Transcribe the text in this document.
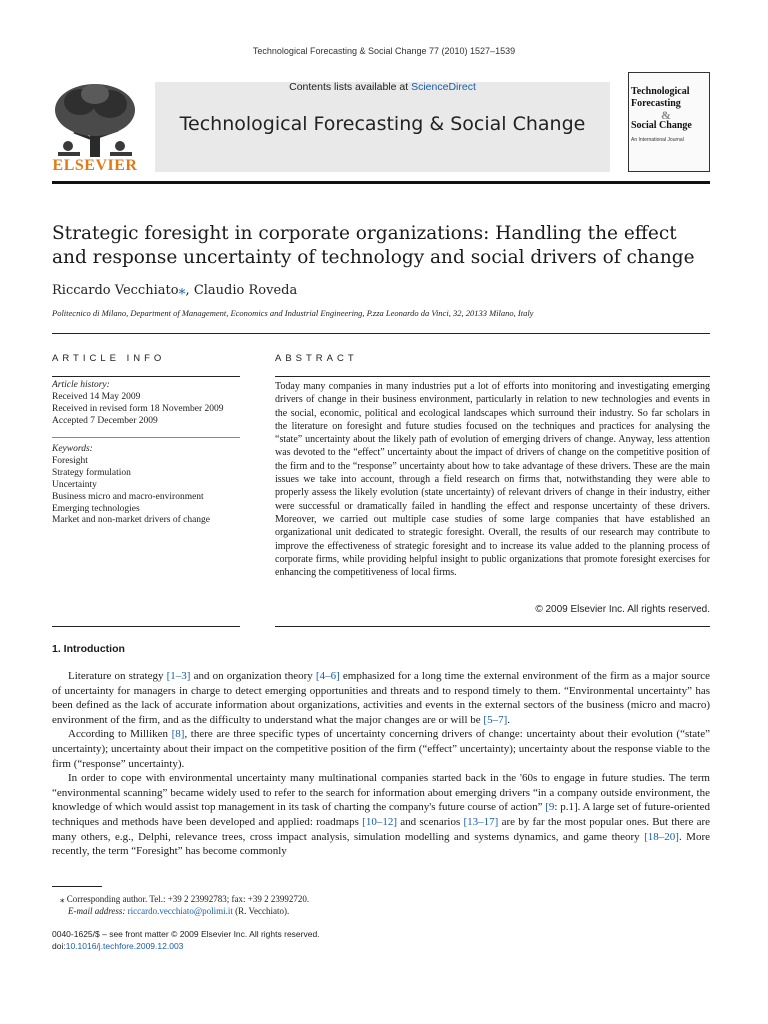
Technological Forecasting & Social Change 77 (2010) 1527–1539
ELSEVIER
Contents lists available at ScienceDirect
Technological Forecasting & Social Change
Technological
Forecasting
&
Social Change
An International Journal
Strategic foresight in corporate organizations: Handling the effect and response uncertainty of technology and social drivers of change
Riccardo Vecchiato⁎, Claudio Roveda
Politecnico di Milano, Department of Management, Economics and Industrial Engineering, P.zza Leonardo da Vinci, 32, 20133 Milano, Italy
ARTICLE INFO	ABSTRACT
Article history:
Received 14 May 2009
Received in revised form 18 November 2009
Accepted 7 December 2009
Keywords:
Foresight
Strategy formulation
Uncertainty
Business micro and macro-environment
Emerging technologies
Market and non-market drivers of change
Today many companies in many industries put a lot of efforts into monitoring and investigating emerging drivers of change in their business environment, particularly in relation to new technologies and events in the social, economic, political and ecological landscapes which surround their industry. So far scholars in the literature on foresight and future studies focused on the techniques and practices for analysing the “state” uncertainty about the likely path of evolution of emerging drivers of change. Anyway, less attention was devoted to the “effect” uncertainty about the impact of drivers of change on the competitive position of the firm and to the “response” uncertainty about how to take advantage of these drivers. These are the main issues we take into account, through a field research on firms that, notwithstanding they were able to properly assess the likely evolution (state uncertainty) of relevant drivers of change in their industry, either were successful or dramatically failed in handling the effect and response uncertainty of these drivers. Moreover, we carried out multiple case studies of some large companies that have established an organizational unit dedicated to strategic foresight. Overall, the results of our research may contribute to improve the effectiveness of strategic foresight and to increase its value added to the planning process of corporate firms, while providing helpful insight to public organizations that promote foresight exercises for enhancing the competitiveness of local firms.
© 2009 Elsevier Inc. All rights reserved.
1. Introduction

Literature on strategy [1–3] and on organization theory [4–6] emphasized for a long time the external environment of the firm as a major source of uncertainty for managers in charge to detect emerging opportunities and threats and to respond timely to them. “Environmental uncertainty” has been defined as the lack of accurate information about organizations, activities and events in the external sectors of the business (micro and macro) environment of the firm, and as the difficulty to understand what the major changes are or will be [5–7].

According to Milliken [8], there are three specific types of uncertainty concerning drivers of change: uncertainty about their evolution (“state” uncertainty); uncertainty about their impact on the competitive position of the firm (“effect” uncertainty); uncertainty about the response viable to the firm (“response” uncertainty).

In order to cope with environmental uncertainty many multinational companies started back in the '60s to engage in future studies. The term “environmental scanning” became widely used to refer to the search for information about emerging drivers “in a company outside environment, the knowledge of which would assist top management in its task of charting the company's future course of action” [9: p.1]. A large set of future-oriented techniques and methods have been developed and applied: roadmaps [10–12] and scenarios [13–17] are by far the most popular ones. But there are many others, e.g., Delphi, relevance trees, cross impact analysis, simulation modelling and systems dynamics, and game theory [18–20]. More recently, the term “Foresight” has become commonly

⁎ Corresponding author. Tel.: +39 2 23992783; fax: +39 2 23992720.
E-mail address: riccardo.vecchiato@polimi.it (R. Vecchiato).
0040-1625/$ – see front matter © 2009 Elsevier Inc. All rights reserved.
doi:10.1016/j.techfore.2009.12.003
